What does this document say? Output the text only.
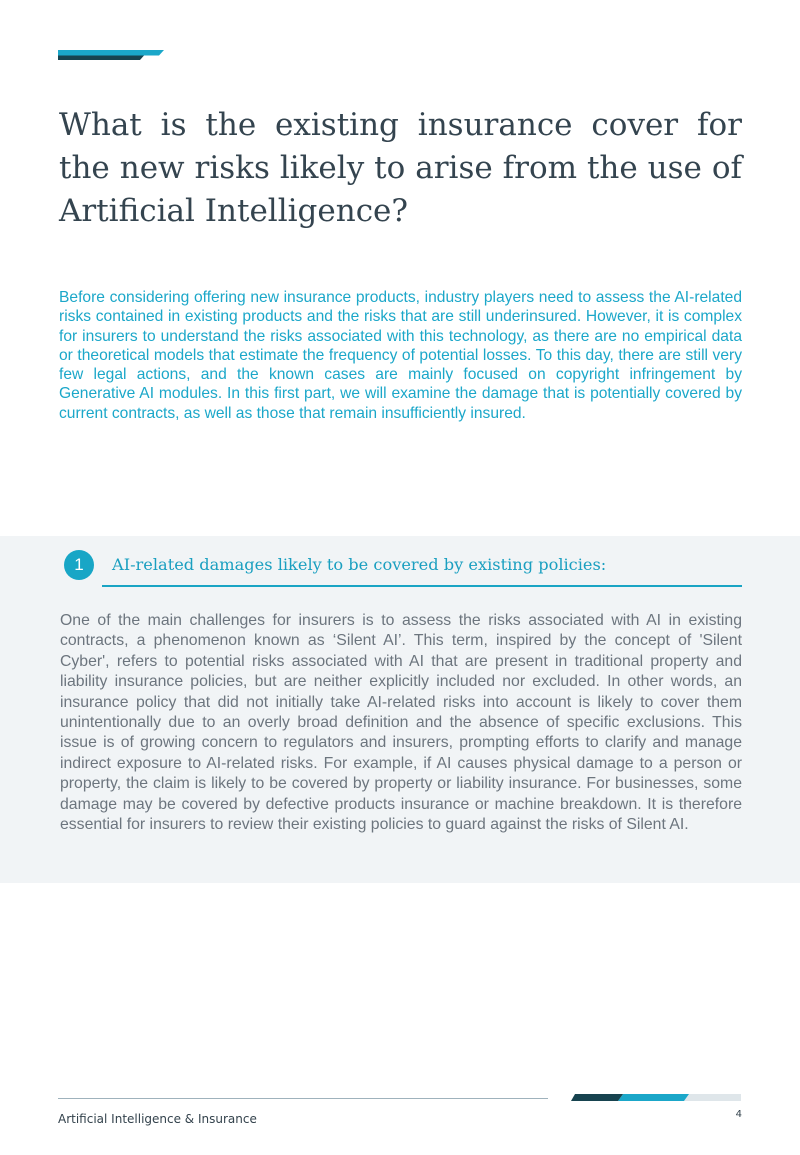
What is the existing insurance cover for the new risks likely to arise from the use of Artificial Intelligence?

Before considering offering new insurance products, industry players need to assess the AI-related risks contained in existing products and the risks that are still underinsured. However, it is complex for insurers to understand the risks associated with this technology, as there are no empirical data or theoretical models that estimate the frequency of potential losses. To this day, there are still very few legal actions, and the known cases are mainly focused on copyright infringement by Generative AI modules. In this first part, we will examine the damage that is potentially covered by current contracts, as well as those that remain insufficiently insured.

1	AI-related damages likely to be covered by existing policies:

One of the main challenges for insurers is to assess the risks associated with AI in existing contracts, a phenomenon known as ‘Silent AI’. This term, inspired by the concept of 'Silent Cyber', refers to potential risks associated with AI that are present in traditional property and liability insurance policies, but are neither explicitly included nor excluded. In other words, an insurance policy that did not initially take AI-related risks into account is likely to cover them unintentionally due to an overly broad definition and the absence of specific exclusions. This issue is of growing concern to regulators and insurers, prompting efforts to clarify and manage indirect exposure to AI-related risks. For example, if AI causes physical damage to a person or property, the claim is likely to be covered by property or liability insurance. For businesses, some damage may be covered by defective products insurance or machine breakdown. It is therefore essential for insurers to review their existing policies to guard against the risks of Silent AI.

Artificial Intelligence & Insurance	4
